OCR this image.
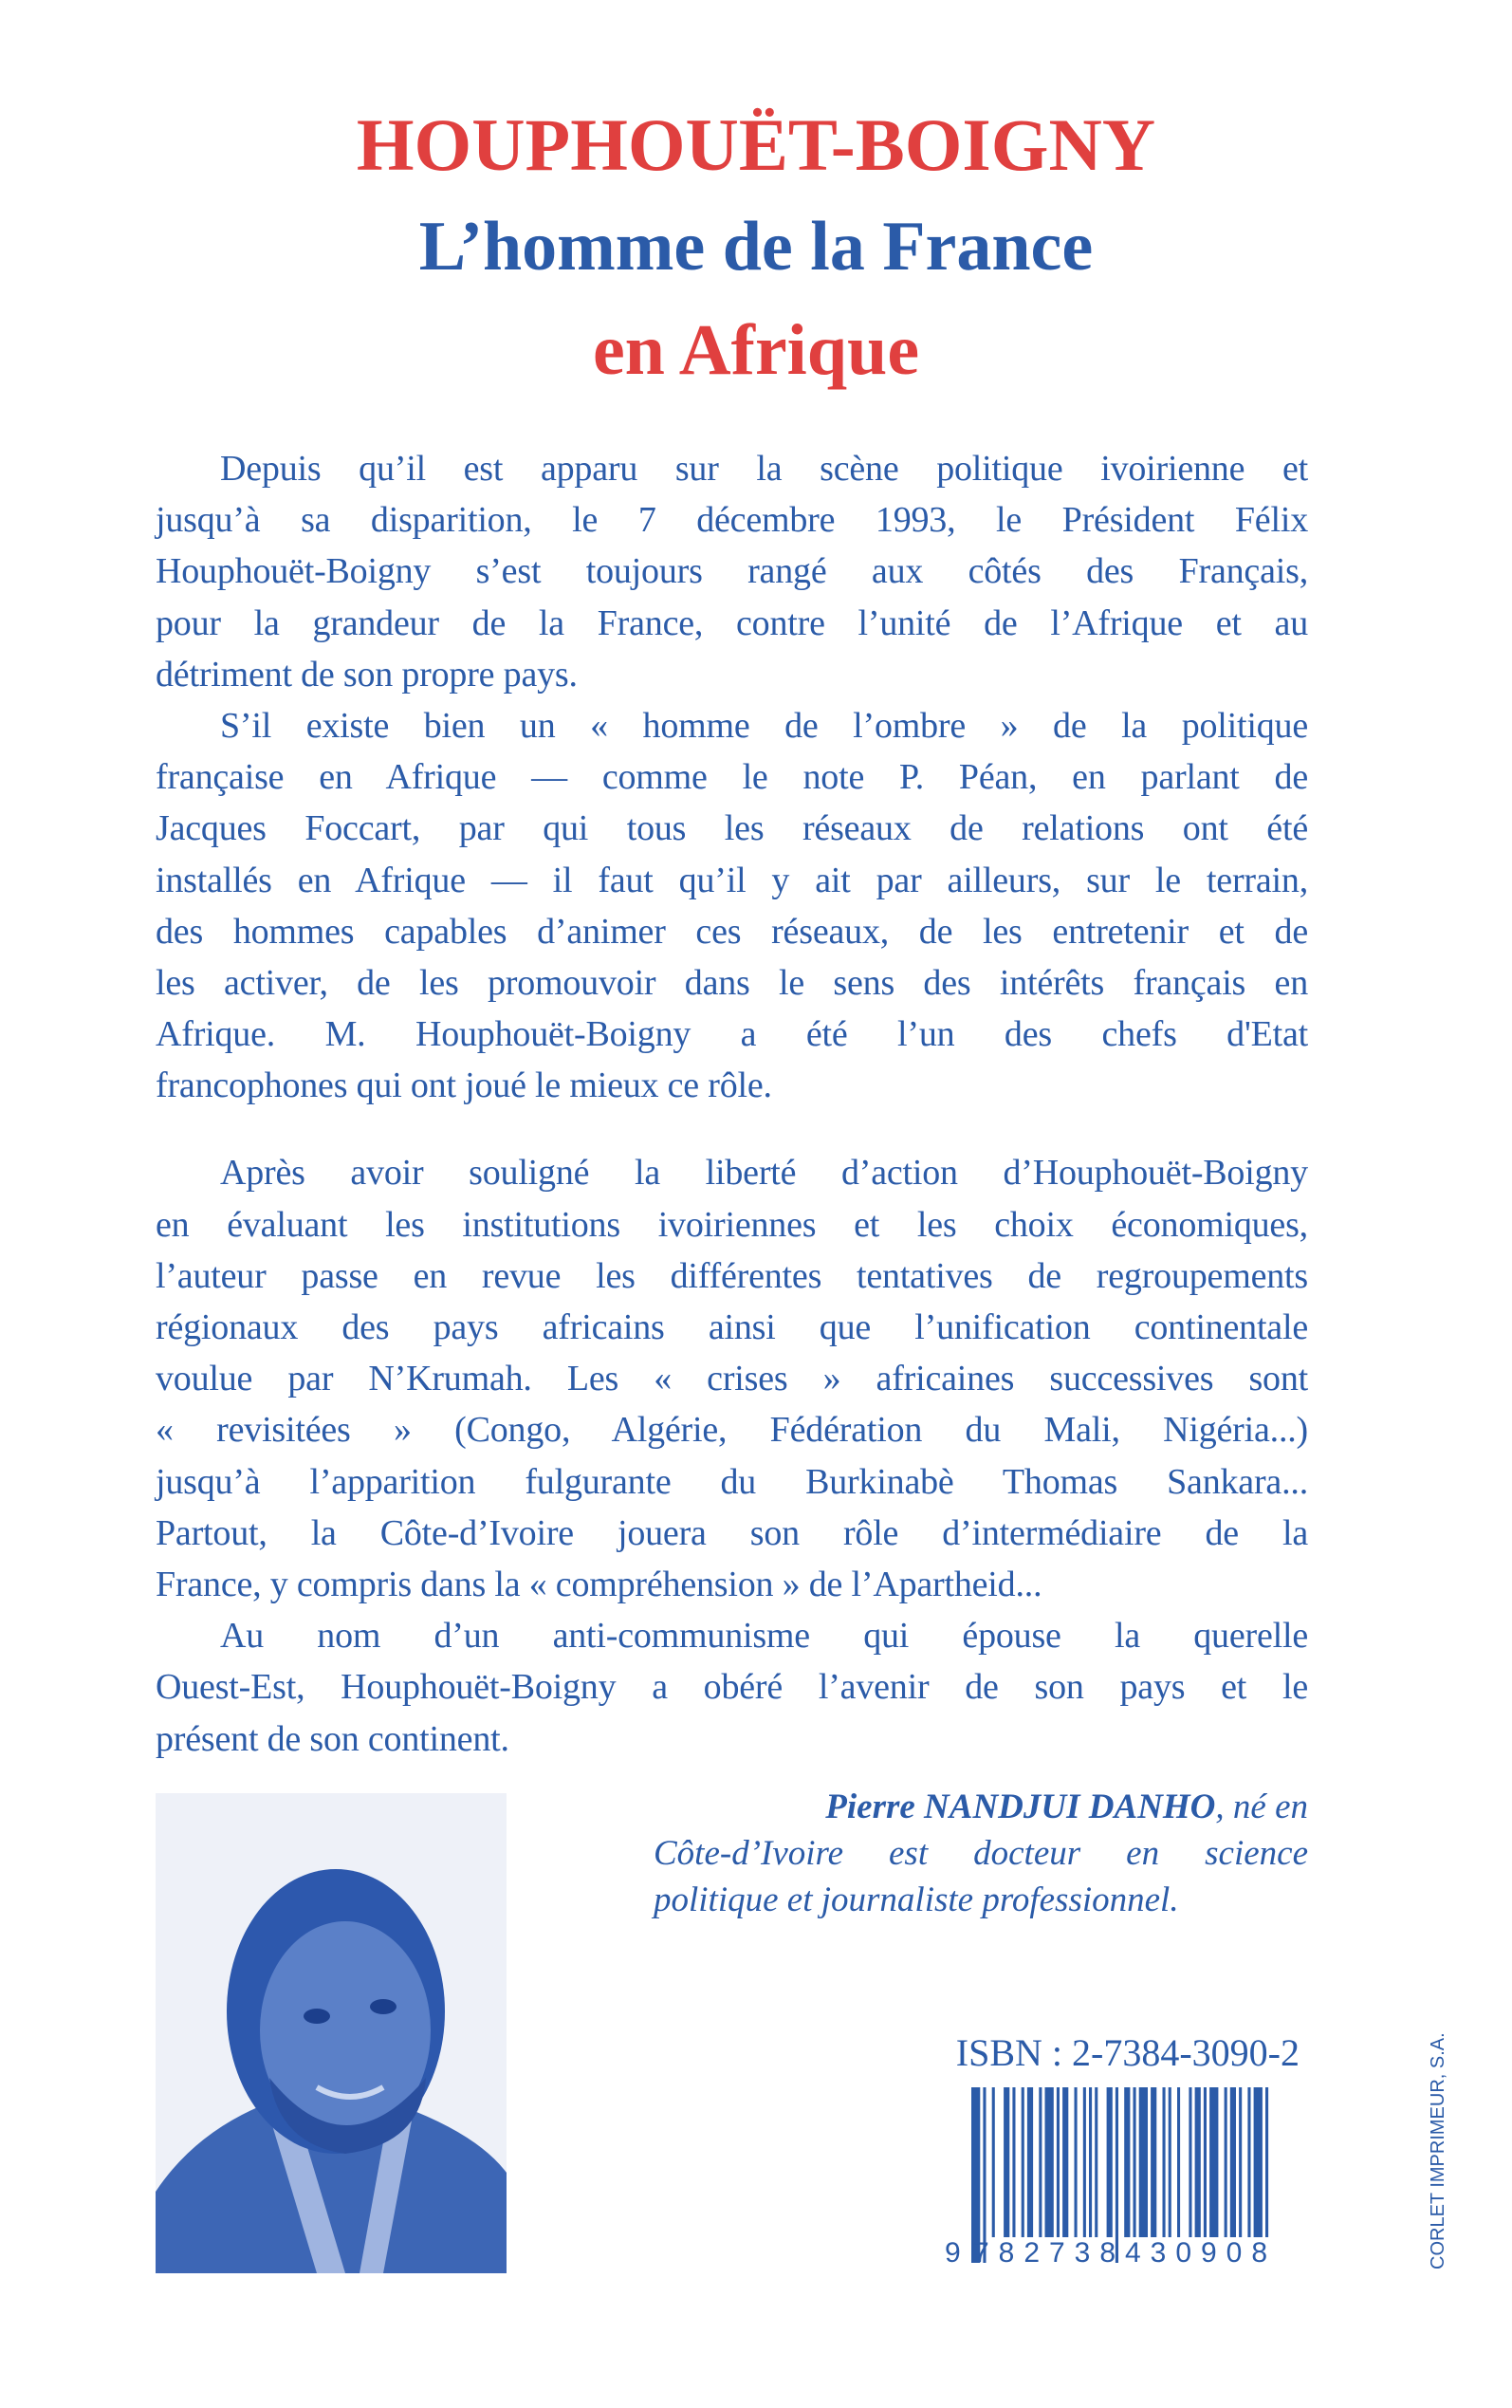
HOUPHOUËT-BOIGNY
L’homme de la France
en Afrique
Depuis qu’il est apparu sur la scène politique ivoirienne et
jusqu’à sa disparition, le 7 décembre 1993, le Président Félix
Houphouët-Boigny s’est toujours rangé aux côtés des Français,
pour la grandeur de la France, contre l’unité de l’Afrique et au
détriment de son propre pays.
S’il existe bien un « homme de l’ombre » de la politique
française en Afrique — comme le note P. Péan, en parlant de
Jacques Foccart, par qui tous les réseaux de relations ont été
installés en Afrique — il faut qu’il y ait par ailleurs, sur le terrain,
des hommes capables d’animer ces réseaux, de les entretenir et de
les activer, de les promouvoir dans le sens des intérêts français en
Afrique. M. Houphouët-Boigny a été l’un des chefs d'Etat
francophones qui ont joué le mieux ce rôle.
Après avoir souligné la liberté d’action d’Houphouët-Boigny
en évaluant les institutions ivoiriennes et les choix économiques,
l’auteur passe en revue les différentes tentatives de regroupements
régionaux des pays africains ainsi que l’unification continentale
voulue par N’Krumah. Les « crises » africaines successives sont
« revisitées » (Congo, Algérie, Fédération du Mali, Nigéria...)
jusqu’à l’apparition fulgurante du Burkinabè Thomas Sankara...
Partout, la Côte-d’Ivoire jouera son rôle d’intermédiaire de la
France, y compris dans la « compréhension » de l’Apartheid...
Au nom d’un anti-communisme qui épouse la querelle
Ouest-Est, Houphouët-Boigny a obéré l’avenir de son pays et le
présent de son continent.
Pierre NANDJUI DANHO, né en
Côte-d’Ivoire est docteur en science
politique et journaliste professionnel.
ISBN : 2-7384-3090-2
9 782738 430908	CORLET IMPRIMEUR, S.A.
